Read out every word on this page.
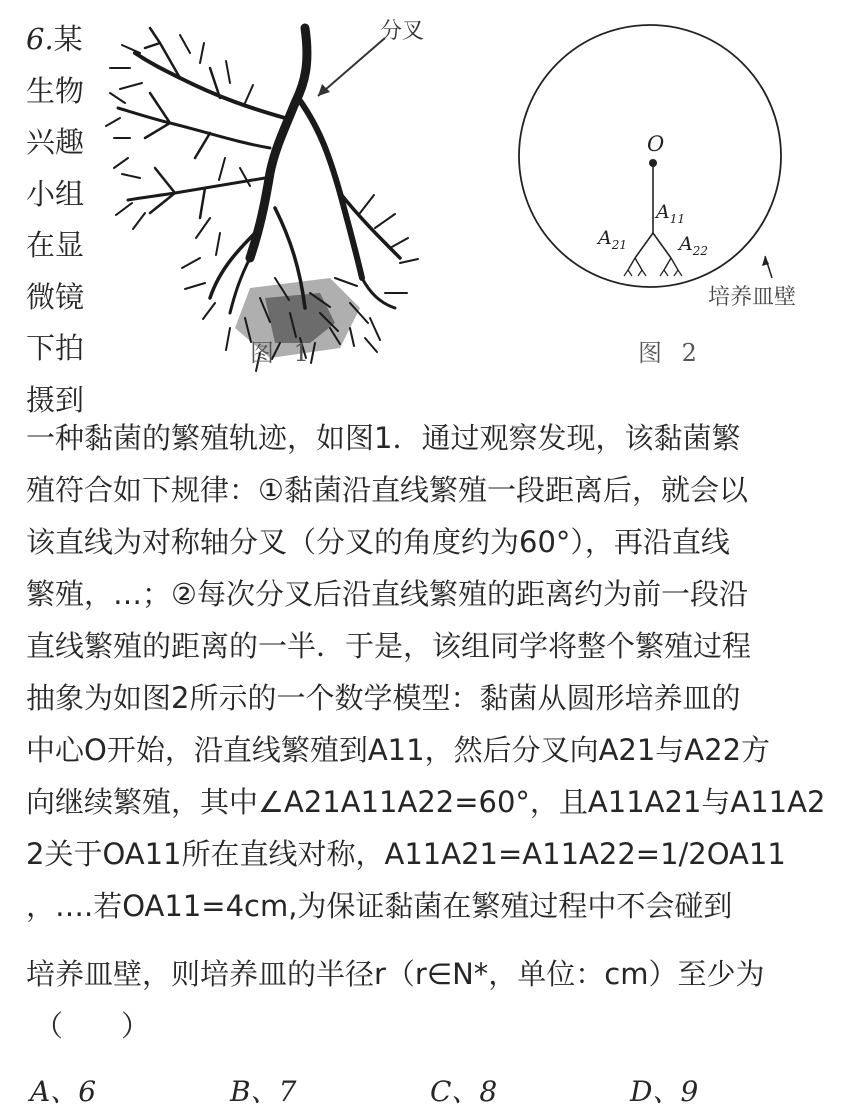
6.某
生物
兴趣
小组
在显
微镜
下拍
摄到
分叉
图 1
O
$A_{11}$
$A_{21}$	$A_{22}$
培养皿壁
图 2

一种黏菌的繁殖轨迹，如图1．通过观察发现，该黏菌繁

殖符合如下规律：①黏菌沿直线繁殖一段距离后，就会以

该直线为对称轴分叉（分叉的角度约为60°），再沿直线

繁殖，…；②每次分叉后沿直线繁殖的距离约为前一段沿

直线繁殖的距离的一半．于是，该组同学将整个繁殖过程

抽象为如图2所示的一个数学模型：黏菌从圆形培养皿的

中心O开始，沿直线繁殖到A11，然后分叉向A21与A22方

向继续繁殖，其中∠A21A11A22=60°，且A11A21与A11A2

2关于OA11所在直线对称，A11A21=A11A22=1/2OA11

，….若OA11=4cm,为保证黏菌在繁殖过程中不会碰到

培养皿壁，则培养皿的半径r（r∈N*，单位：cm）至少为

（　　）

A、6	B、7	C、8	D、9
